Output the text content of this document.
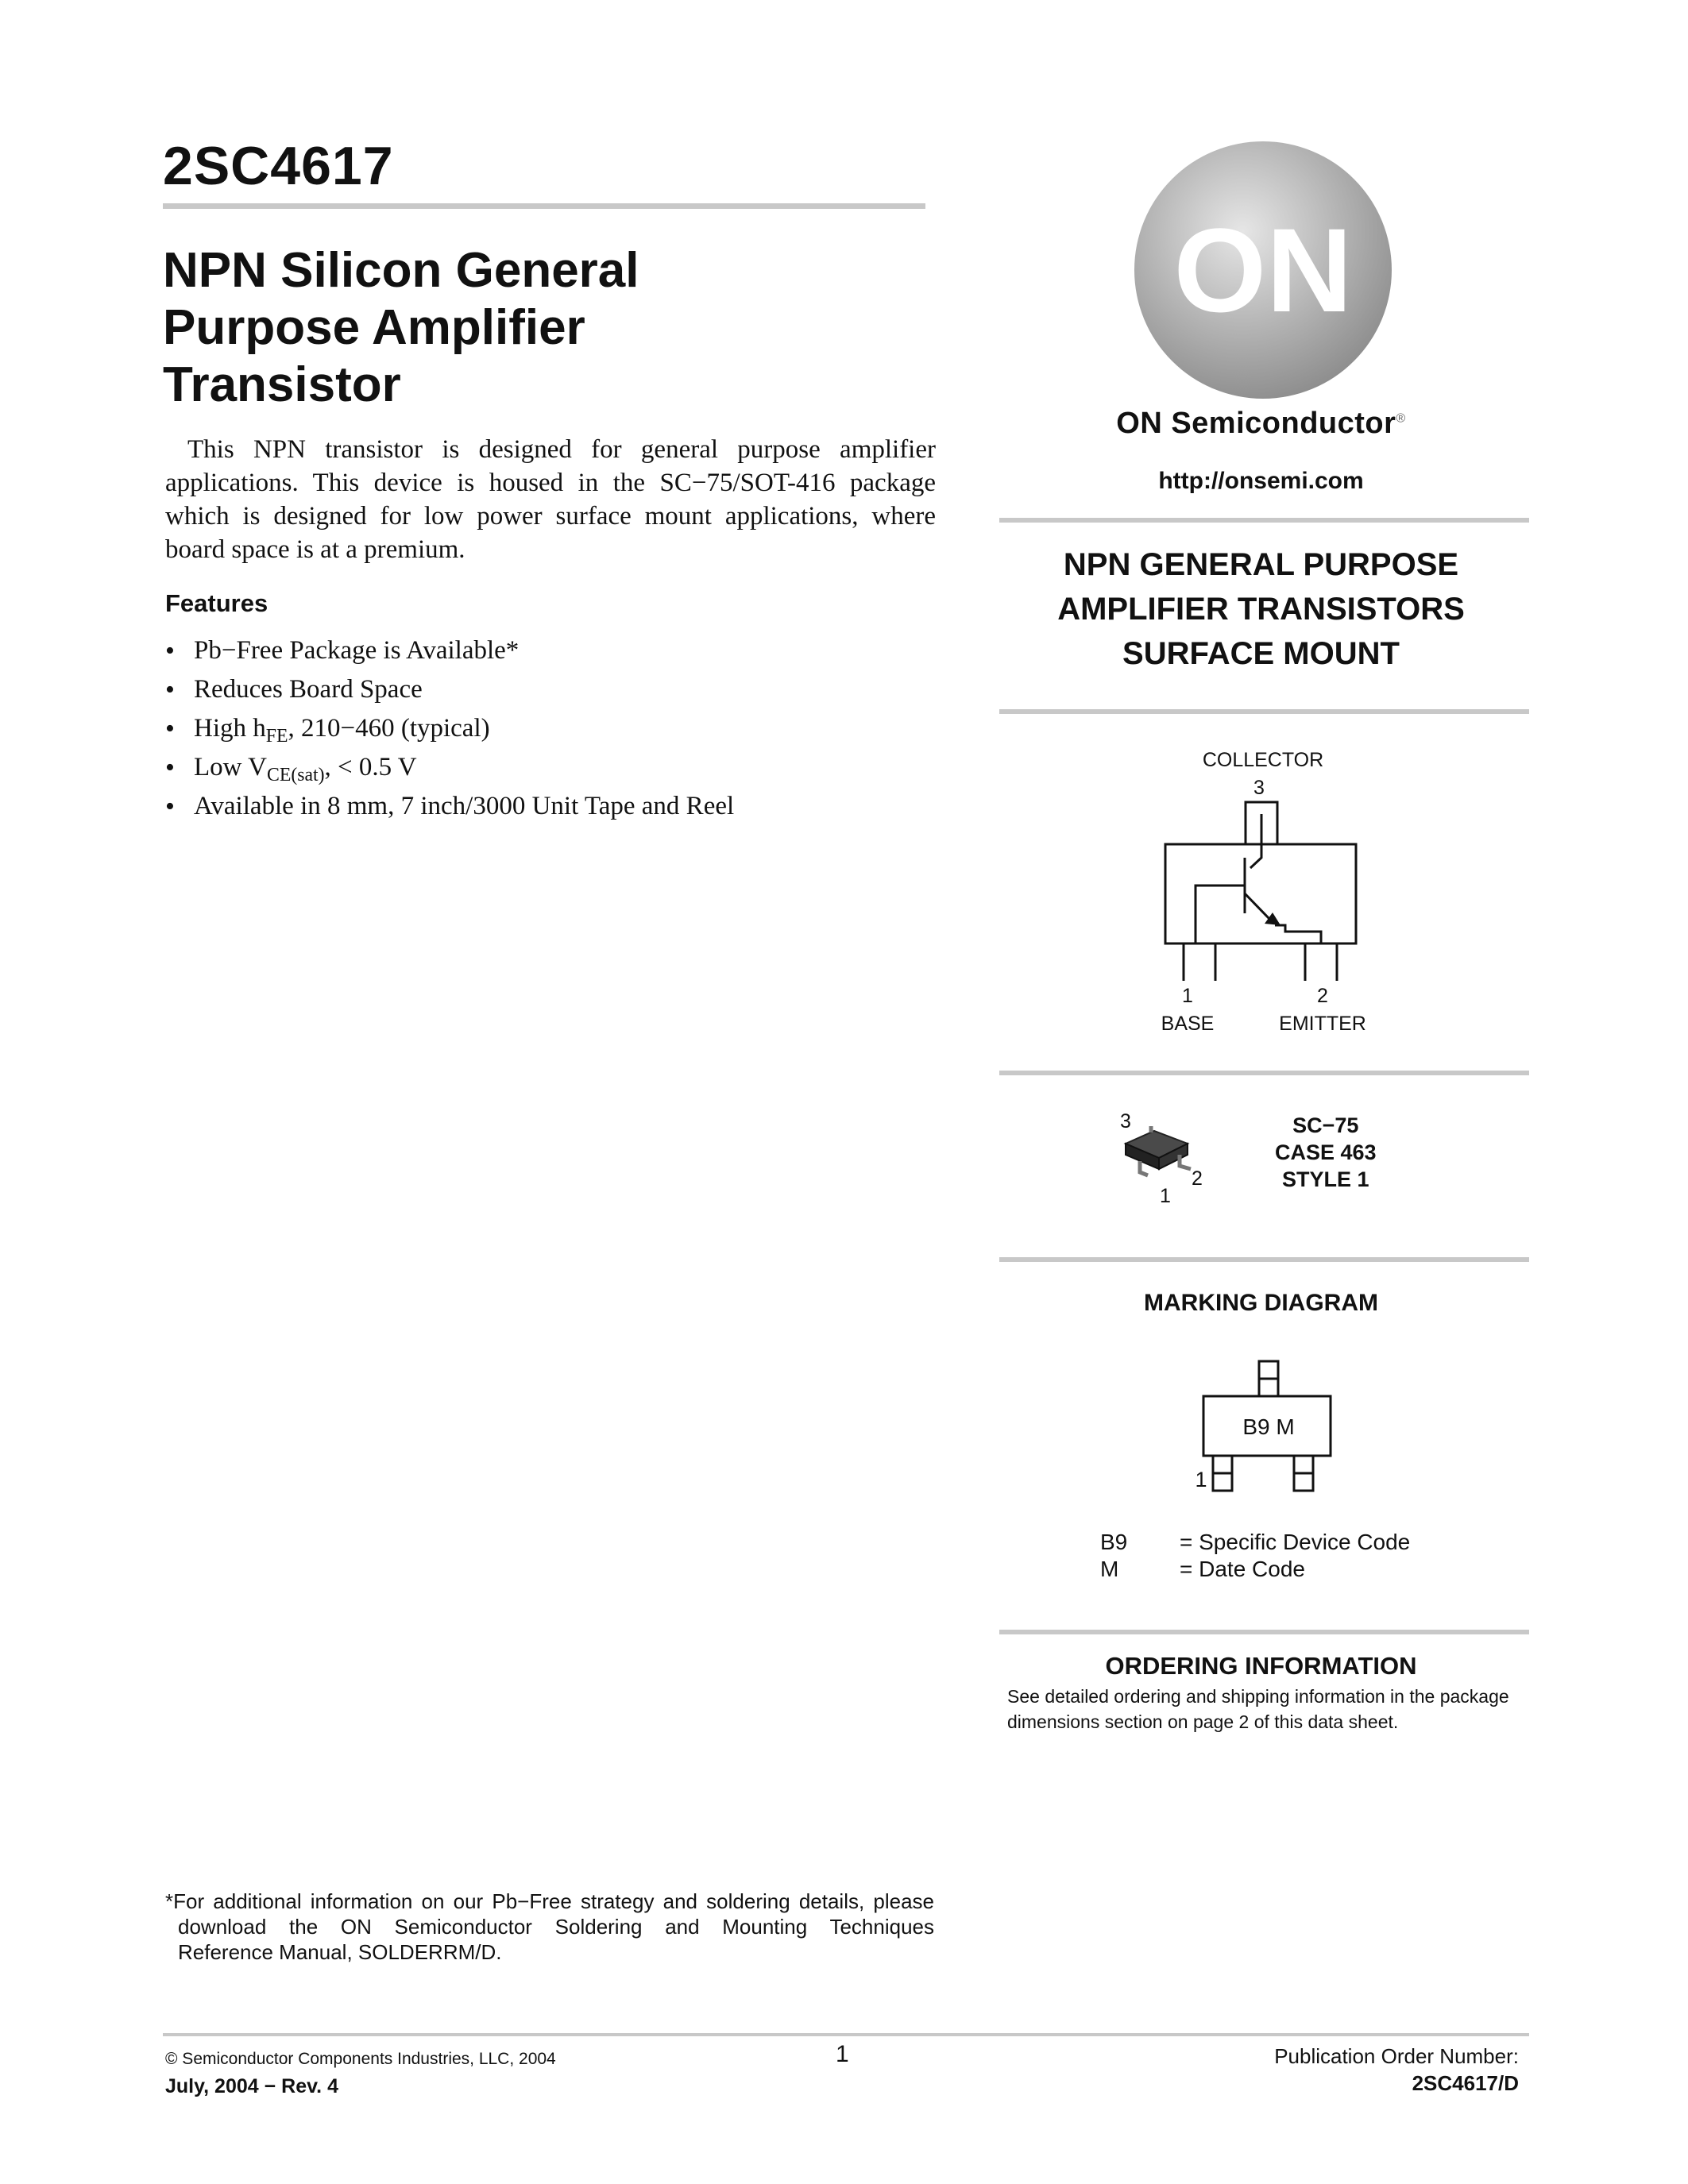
2SC4617
NPN Silicon General
Purpose Amplifier
Transistor
This NPN transistor is designed for general purpose amplifier applications. This device is housed in the SC−75/SOT-416 package which is designed for low power surface mount applications, where board space is at a premium.
Features
• Pb−Free Package is Available*
• Reduces Board Space
• High $h_{FE}$, 210−460 (typical)
• Low $V_{CE(sat)}$, < 0.5 V
• Available in 8 mm, 7 inch/3000 Unit Tape and Reel
*For additional information on our Pb−Free strategy and soldering details, please
download the ON Semiconductor Soldering and Mounting Techniques
Reference Manual, SOLDERRM/D.
© Semiconductor Components Industries, LLC, 2004
July, 2004 − Rev. 4
1	Publication Order Number:
2SC4617/D
ON
ON Semiconductor®
http://onsemi.com
NPN GENERAL PURPOSE
AMPLIFIER TRANSISTORS
SURFACE MOUNT
COLLECTOR
3
1	2
BASE	EMITTER
3
2
1
SC−75
CASE 463
STYLE 1
MARKING DIAGRAM
B9 M
1
B9 = Specific Device Code
M	= Date Code
ORDERING INFORMATION
See detailed ordering and shipping information in the package dimensions section on page 2 of this data sheet.
